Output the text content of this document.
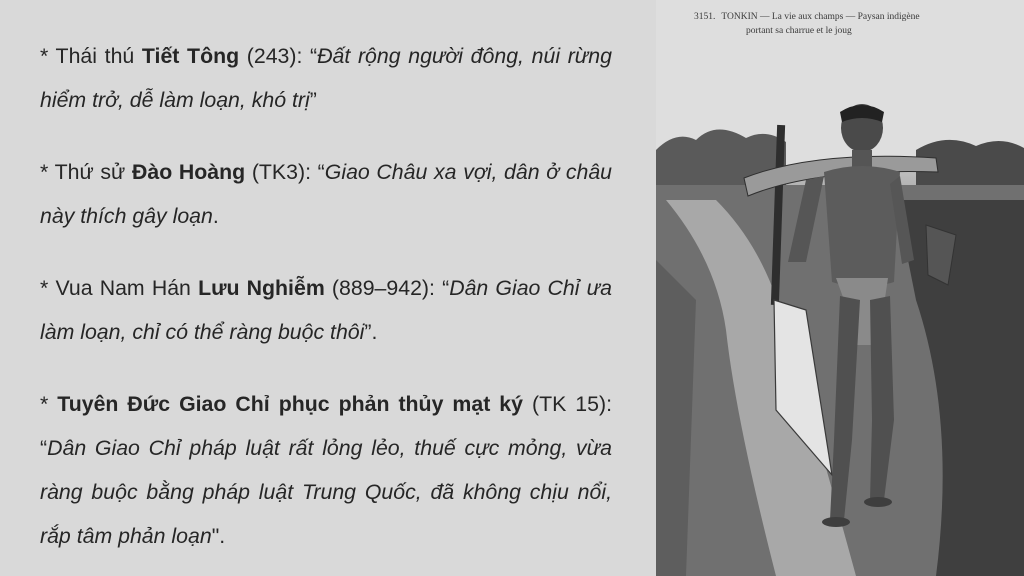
* Thái thú Tiết Tông (243): “Đất rộng người đông, núi rừng hiểm trở, dễ làm loạn, khó trị”

* Thứ sử Đào Hoàng (TK3): “Giao Châu xa vợi, dân ở châu này thích gây loạn.

* Vua Nam Hán Lưu Nghiễm (889–942): “Dân Giao Chỉ ưa làm loạn, chỉ có thể ràng buộc thôi”.

* Tuyên Đức Giao Chỉ phục phản thủy mạt ký (TK 15): “Dân Giao Chỉ pháp luật rất lỏng lẻo, thuế cực mỏng, vừa ràng buộc bằng pháp luật Trung Quốc, đã không chịu nổi, rắp tâm phản loạn".

3151. TONKIN — La vie aux champs — Paysan indigène
portant sa charrue et le joug
